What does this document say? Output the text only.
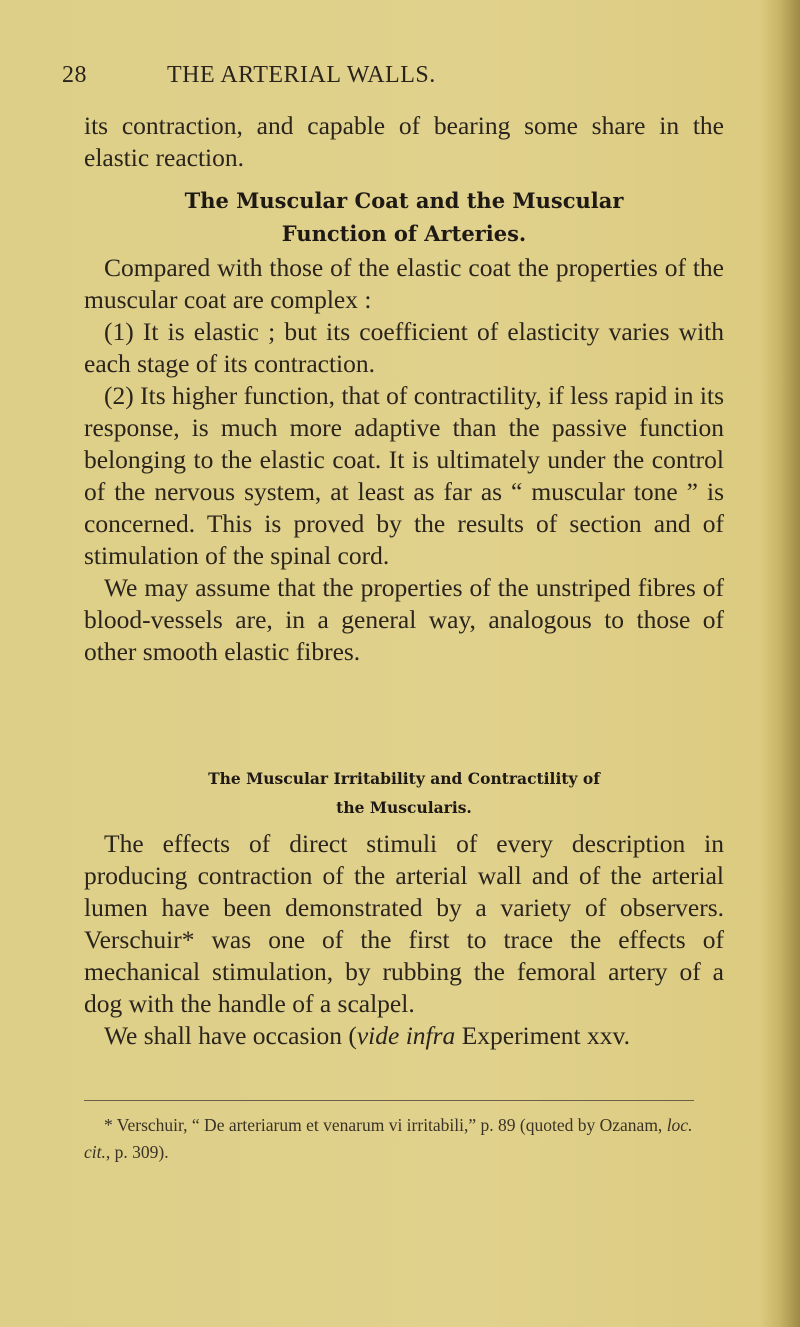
28	THE ARTERIAL WALLS.

its contraction, and capable of bearing some share in the elastic reaction.

The Muscular Coat and the Muscular
Function of Arteries.

Compared with those of the elastic coat the properties of the muscular coat are complex :

(1) It is elastic ; but its coefficient of elasticity varies with each stage of its contraction.

(2) Its higher function, that of contractility, if less rapid in its response, is much more adaptive than the passive function belonging to the elastic coat. It is ultimately under the control of the nervous system, at least as far as “ muscular tone ” is concerned. This is proved by the results of section and of stimulation of the spinal cord.

We may assume that the properties of the unstriped fibres of blood-vessels are, in a general way, analogous to those of other smooth elastic fibres.

The Muscular Irritability and Contractility of
the Muscularis.

The effects of direct stimuli of every description in producing contraction of the arterial wall and of the arterial lumen have been demonstrated by a variety of observers. Verschuir* was one of the first to trace the effects of mechanical stimulation, by rubbing the femoral artery of a dog with the handle of a scalpel.

We shall have occasion (vide infra Experiment xxv.

* Verschuir, “ De arteriarum et venarum vi irritabili,” p. 89 (quoted by Ozanam, loc. cit., p. 309).
